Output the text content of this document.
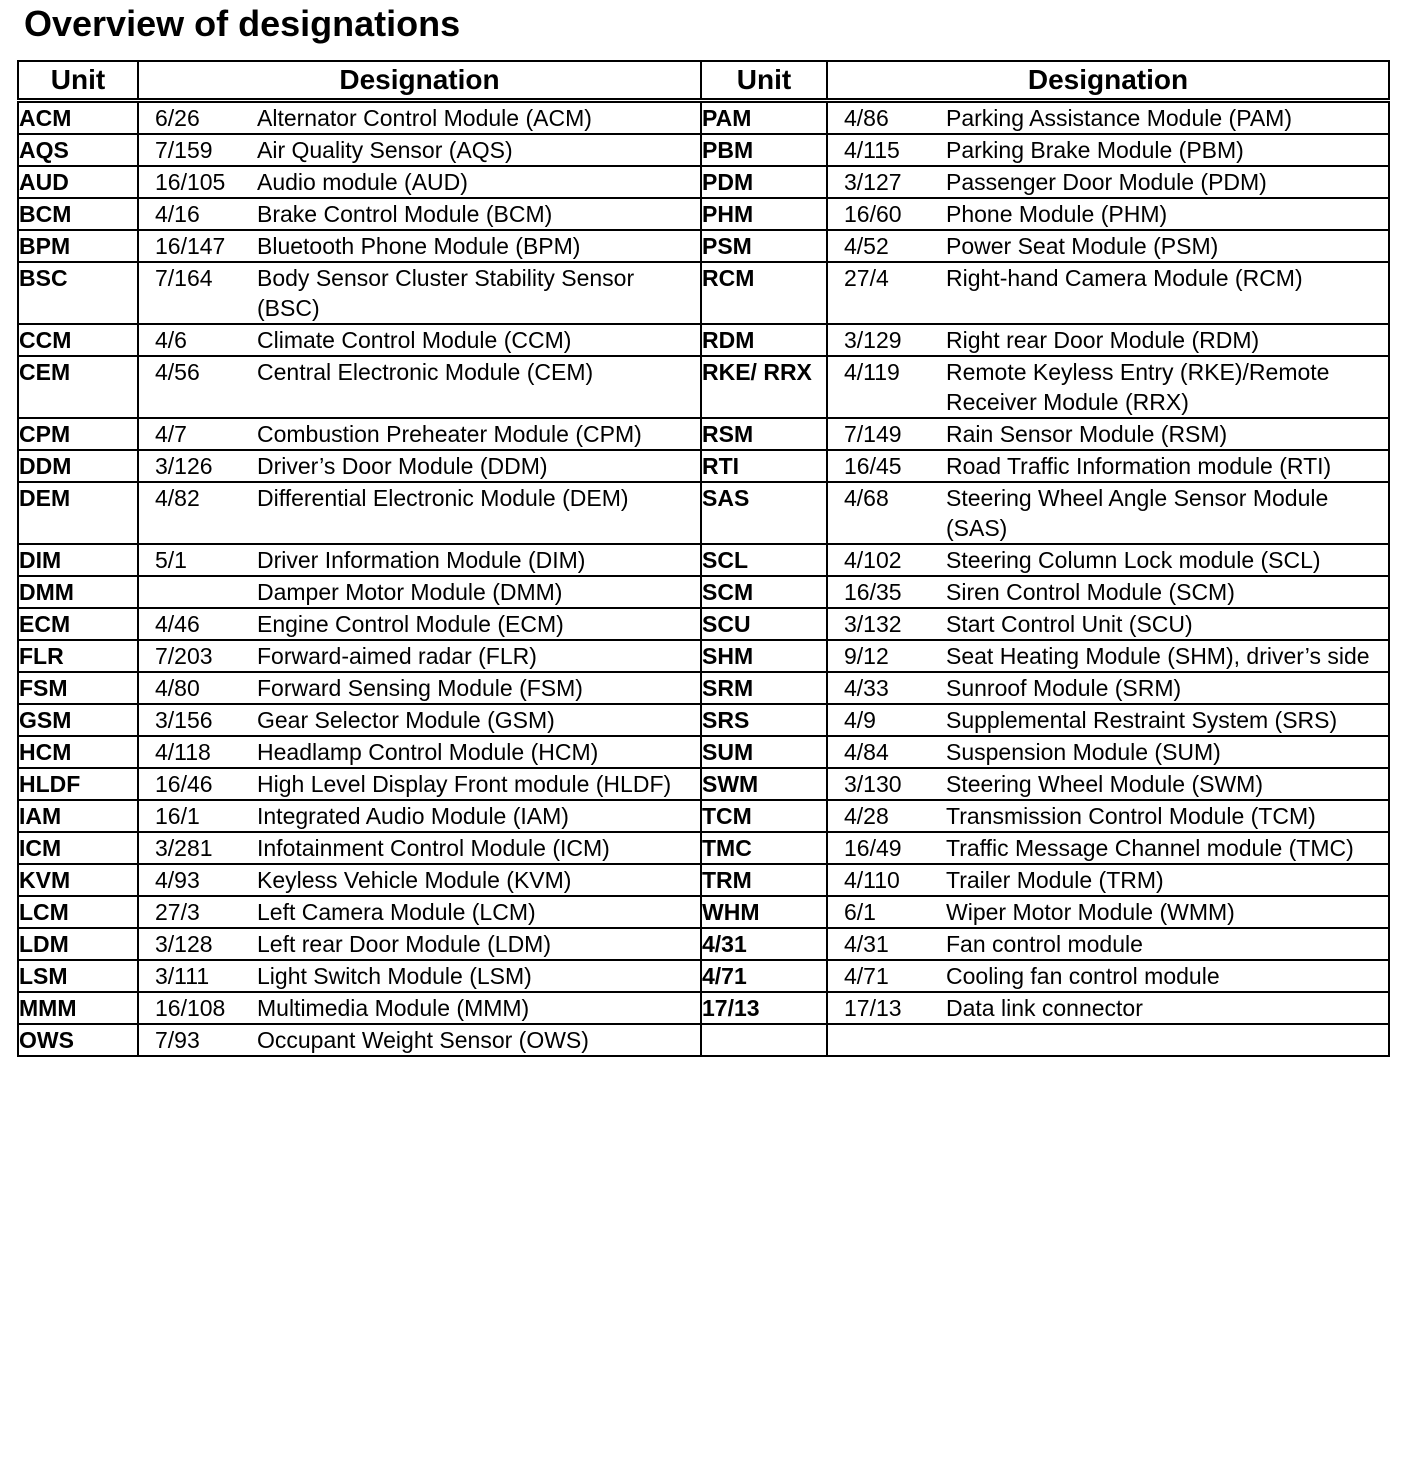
Overview of designations
Unit	Designation	Unit	Designation
ACM	6/26 Alternator Control Module (ACM)	PAM	4/86 Parking Assistance Module (PAM)

AQS	7/159 Air Quality Sensor (AQS)	PBM	4/115 Parking Brake Module (PBM)

AUD	16/105 Audio module (AUD)	PDM	3/127 Passenger Door Module (PDM)

BCM	4/16 Brake Control Module (BCM)	PHM	16/60 Phone Module (PHM)

BPM	16/147 Bluetooth Phone Module (BPM)	PSM	4/52 Power Seat Module (PSM)

BSC	7/164 Body Sensor Cluster Stability Sensor (BSC)	RCM	27/4 Right-hand Camera Module (RCM)

CCM	4/6 Climate Control Module (CCM)	RDM	3/129 Right rear Door Module (RDM)

CEM	4/56 Central Electronic Module (CEM)	RKE/ RRX	4/119 Remote Keyless Entry (RKE)/Remote Receiver Module (RRX)

CPM	4/7 Combustion Preheater Module (CPM)	RSM	7/149 Rain Sensor Module (RSM)

DDM	3/126 Driver’s Door Module (DDM)	RTI	16/45 Road Traffic Information module (RTI)

DEM	4/82 Differential Electronic Module (DEM)	SAS	4/68 Steering Wheel Angle Sensor Module (SAS)

DIM	5/1 Driver Information Module (DIM)	SCL	4/102 Steering Column Lock module (SCL)

DMM	Damper Motor Module (DMM)	SCM	16/35 Siren Control Module (SCM)

ECM	4/46 Engine Control Module (ECM)	SCU	3/132 Start Control Unit (SCU)

FLR	7/203 Forward-aimed radar (FLR)	SHM	9/12 Seat Heating Module (SHM), driver’s side

FSM	4/80 Forward Sensing Module (FSM)	SRM	4/33 Sunroof Module (SRM)

GSM	3/156 Gear Selector Module (GSM)	SRS	4/9 Supplemental Restraint System (SRS)

HCM	4/118 Headlamp Control Module (HCM)	SUM	4/84 Suspension Module (SUM)

HLDF	16/46 High Level Display Front module (HLDF)	SWM	3/130 Steering Wheel Module (SWM)

IAM	16/1 Integrated Audio Module (IAM)	TCM	4/28 Transmission Control Module (TCM)

ICM	3/281 Infotainment Control Module (ICM)	TMC	16/49 Traffic Message Channel module (TMC)

KVM	4/93 Keyless Vehicle Module (KVM)	TRM	4/110 Trailer Module (TRM)

LCM	27/3 Left Camera Module (LCM)	WHM	6/1 Wiper Motor Module (WMM)

LDM	3/128 Left rear Door Module (LDM)	4/31	4/31 Fan control module

LSM	3/111 Light Switch Module (LSM)	4/71	4/71 Cooling fan control module

MMM	16/108 Multimedia Module (MMM)	17/13	17/13 Data link connector

OWS	7/93 Occupant Weight Sensor (OWS)		
